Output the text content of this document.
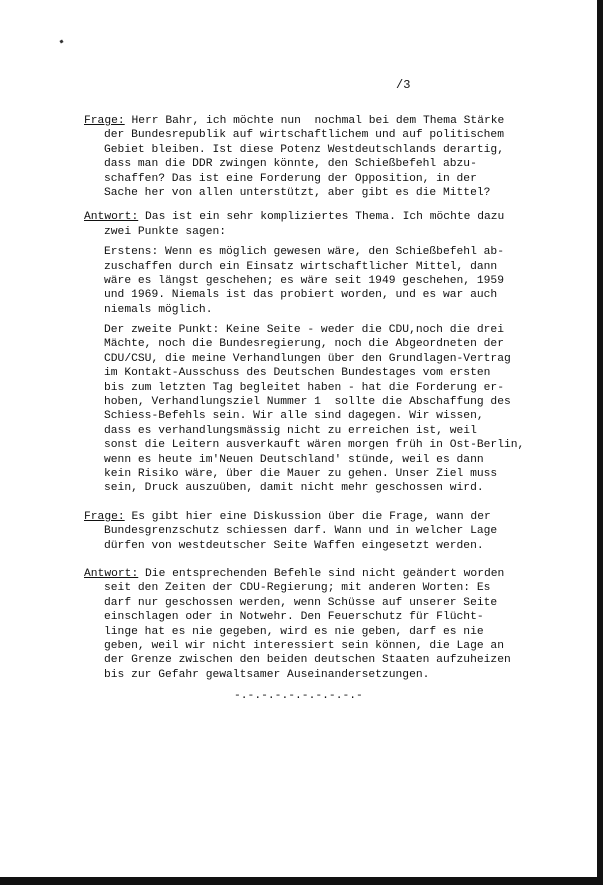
/3
Frage: Herr Bahr, ich möchte nun  nochmal bei dem Thema Stärke
der Bundesrepublik auf wirtschaftlichem und auf politischem
Gebiet bleiben. Ist diese Potenz Westdeutschlands derartig,
dass man die DDR zwingen könnte, den Schießbefehl abzu-
schaffen? Das ist eine Forderung der Opposition, in der
Sache her von allen unterstützt, aber gibt es die Mittel?
Antwort: Das ist ein sehr kompliziertes Thema. Ich möchte dazu
zwei Punkte sagen:
Erstens: Wenn es möglich gewesen wäre, den Schießbefehl ab-
zuschaffen durch ein Einsatz wirtschaftlicher Mittel, dann
wäre es längst geschehen; es wäre seit 1949 geschehen, 1959
und 1969. Niemals ist das probiert worden, und es war auch
niemals möglich.
Der zweite Punkt: Keine Seite - weder die CDU,noch die drei
Mächte, noch die Bundesregierung, noch die Abgeordneten der
CDU/CSU, die meine Verhandlungen über den Grundlagen-Vertrag
im Kontakt-Ausschuss des Deutschen Bundestages vom ersten
bis zum letzten Tag begleitet haben - hat die Forderung er-
hoben, Verhandlungsziel Nummer 1  sollte die Abschaffung des
Schiess-Befehls sein. Wir alle sind dagegen. Wir wissen,
dass es verhandlungsmässig nicht zu erreichen ist, weil
sonst die Leitern ausverkauft wären morgen früh in Ost-Berlin,
wenn es heute im'Neuen Deutschland' stünde, weil es dann
kein Risiko wäre, über die Mauer zu gehen. Unser Ziel muss
sein, Druck auszuüben, damit nicht mehr geschossen wird.
Frage: Es gibt hier eine Diskussion über die Frage, wann der
Bundesgrenzschutz schiessen darf. Wann und in welcher Lage
dürfen von westdeutscher Seite Waffen eingesetzt werden.
Antwort: Die entsprechenden Befehle sind nicht geändert worden
seit den Zeiten der CDU-Regierung; mit anderen Worten: Es
darf nur geschossen werden, wenn Schüsse auf unserer Seite
einschlagen oder in Notwehr. Den Feuerschutz für Flücht-
linge hat es nie gegeben, wird es nie geben, darf es nie
geben, weil wir nicht interessiert sein können, die Lage an
der Grenze zwischen den beiden deutschen Staaten aufzuheizen
bis zur Gefahr gewaltsamer Auseinandersetzungen.
-.-.-.-.-.-.-.-.-.-
